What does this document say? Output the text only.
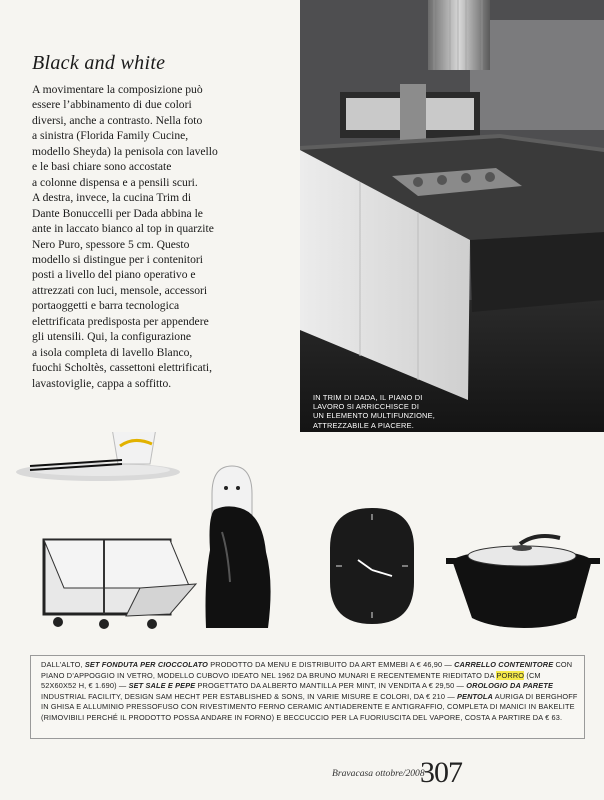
Black and white
A movimentare la composizione può
essere l’abbinamento di due colori
diversi, anche a contrasto. Nella foto
a sinistra (Florida Family Cucine,
modello Sheyda) la penisola con lavello
e le basi chiare sono accostate
a colonne dispensa e a pensili scuri.
A destra, invece, la cucina Trim di
Dante Bonuccelli per Dada abbina le
ante in laccato bianco al top in quarzite
Nero Puro, spessore 5 cm. Questo
modello si distingue per i contenitori
posti a livello del piano operativo e
attrezzati con luci, mensole, accessori
portaoggetti e barra tecnologica
elettrificata predisposta per appendere
gli utensili. Qui, la configurazione
a isola completa di lavello Blanco,
fuochi Scholtès, cassettoni elettrificati,
lavastoviglie, cappa a soffitto.
IN TRIM DI DADA, IL PIANO DI
LAVORO SI ARRICCHISCE DI
UN ELEMENTO MULTIFUNZIONE,
ATTREZZABILE A PIACERE.
DALL’ALTO, SET FONDUTA PER CIOCCOLATO PRODOTTO DA MENU E DISTRIBUITO DA ART EMMEBI A € 46,90 — CARRELLO CONTENITORE CON
PIANO D’APPOGGIO IN VETRO, MODELLO CUBOVO IDEATO NEL 1962 DA BRUNO MUNARI E RECENTEMENTE RIEDITATO DA PORRO (CM
52X60X52 H, € 1.690) — SET SALE E PEPE PROGETTATO DA ALBERTO MANTILLA PER MINT, IN VENDITA A € 29,50 — OROLOGIO DA PARETE
INDUSTRIAL FACILITY, DESIGN SAM HECHT PER ESTABLISHED & SONS, IN VARIE MISURE E COLORI, DA € 210 — PENTOLA AURIGA DI BERGHOFF
IN GHISA E ALLUMINIO PRESSOFUSO CON RIVESTIMENTO FERNO CERAMIC ANTIADERENTE E ANTIGRAFFIO, COMPLETA DI MANICI IN BAKELITE
(RIMOVIBILI PERCHÉ IL PRODOTTO POSSA ANDARE IN FORNO) E BECCUCCIO PER LA FUORIUSCITA DEL VAPORE, COSTA A PARTIRE DA € 63.
Bravacasa ottobre/2008
307
